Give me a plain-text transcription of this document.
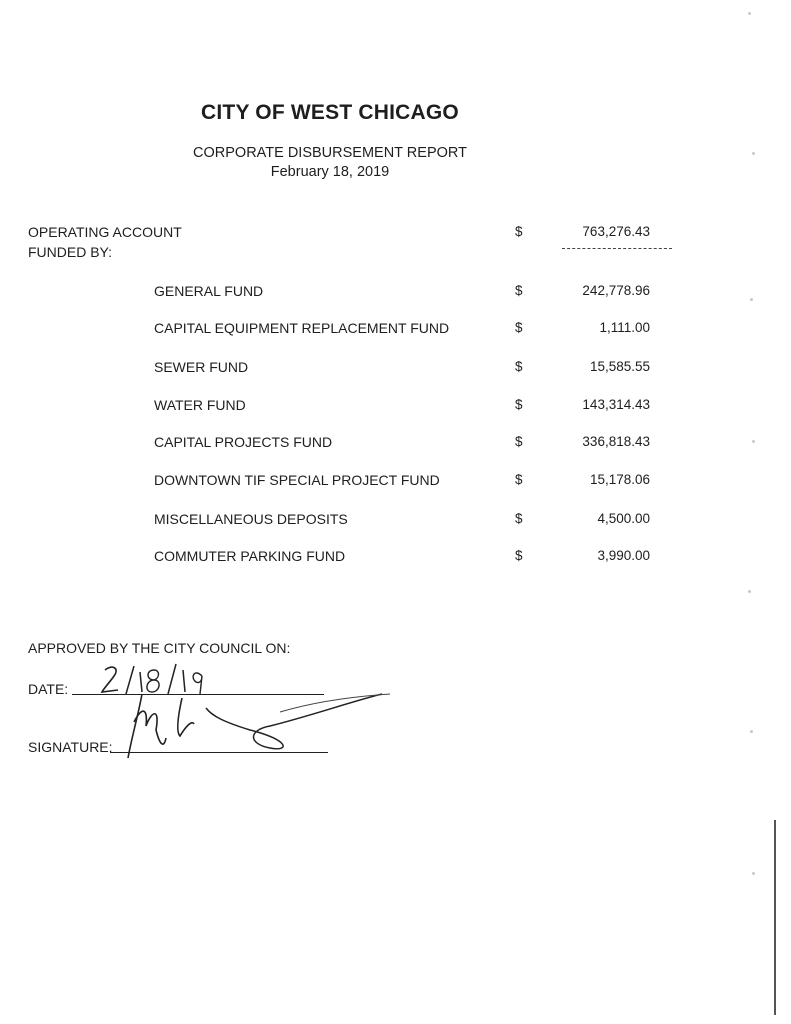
CITY OF WEST CHICAGO
CORPORATE DISBURSEMENT REPORT
February 18, 2019
OPERATING ACCOUNT	$	763,276.43
FUNDED BY:
GENERAL FUND	$	242,778.96
CAPITAL EQUIPMENT REPLACEMENT FUND	$	1,111.00
SEWER FUND	$	15,585.55
WATER FUND	$	143,314.43
CAPITAL PROJECTS FUND	$	336,818.43
DOWNTOWN TIF SPECIAL PROJECT FUND	$	15,178.06
MISCELLANEOUS DEPOSITS	$	4,500.00
COMMUTER PARKING FUND	$	3,990.00
APPROVED BY THE CITY COUNCIL ON:
DATE:
SIGNATURE:
